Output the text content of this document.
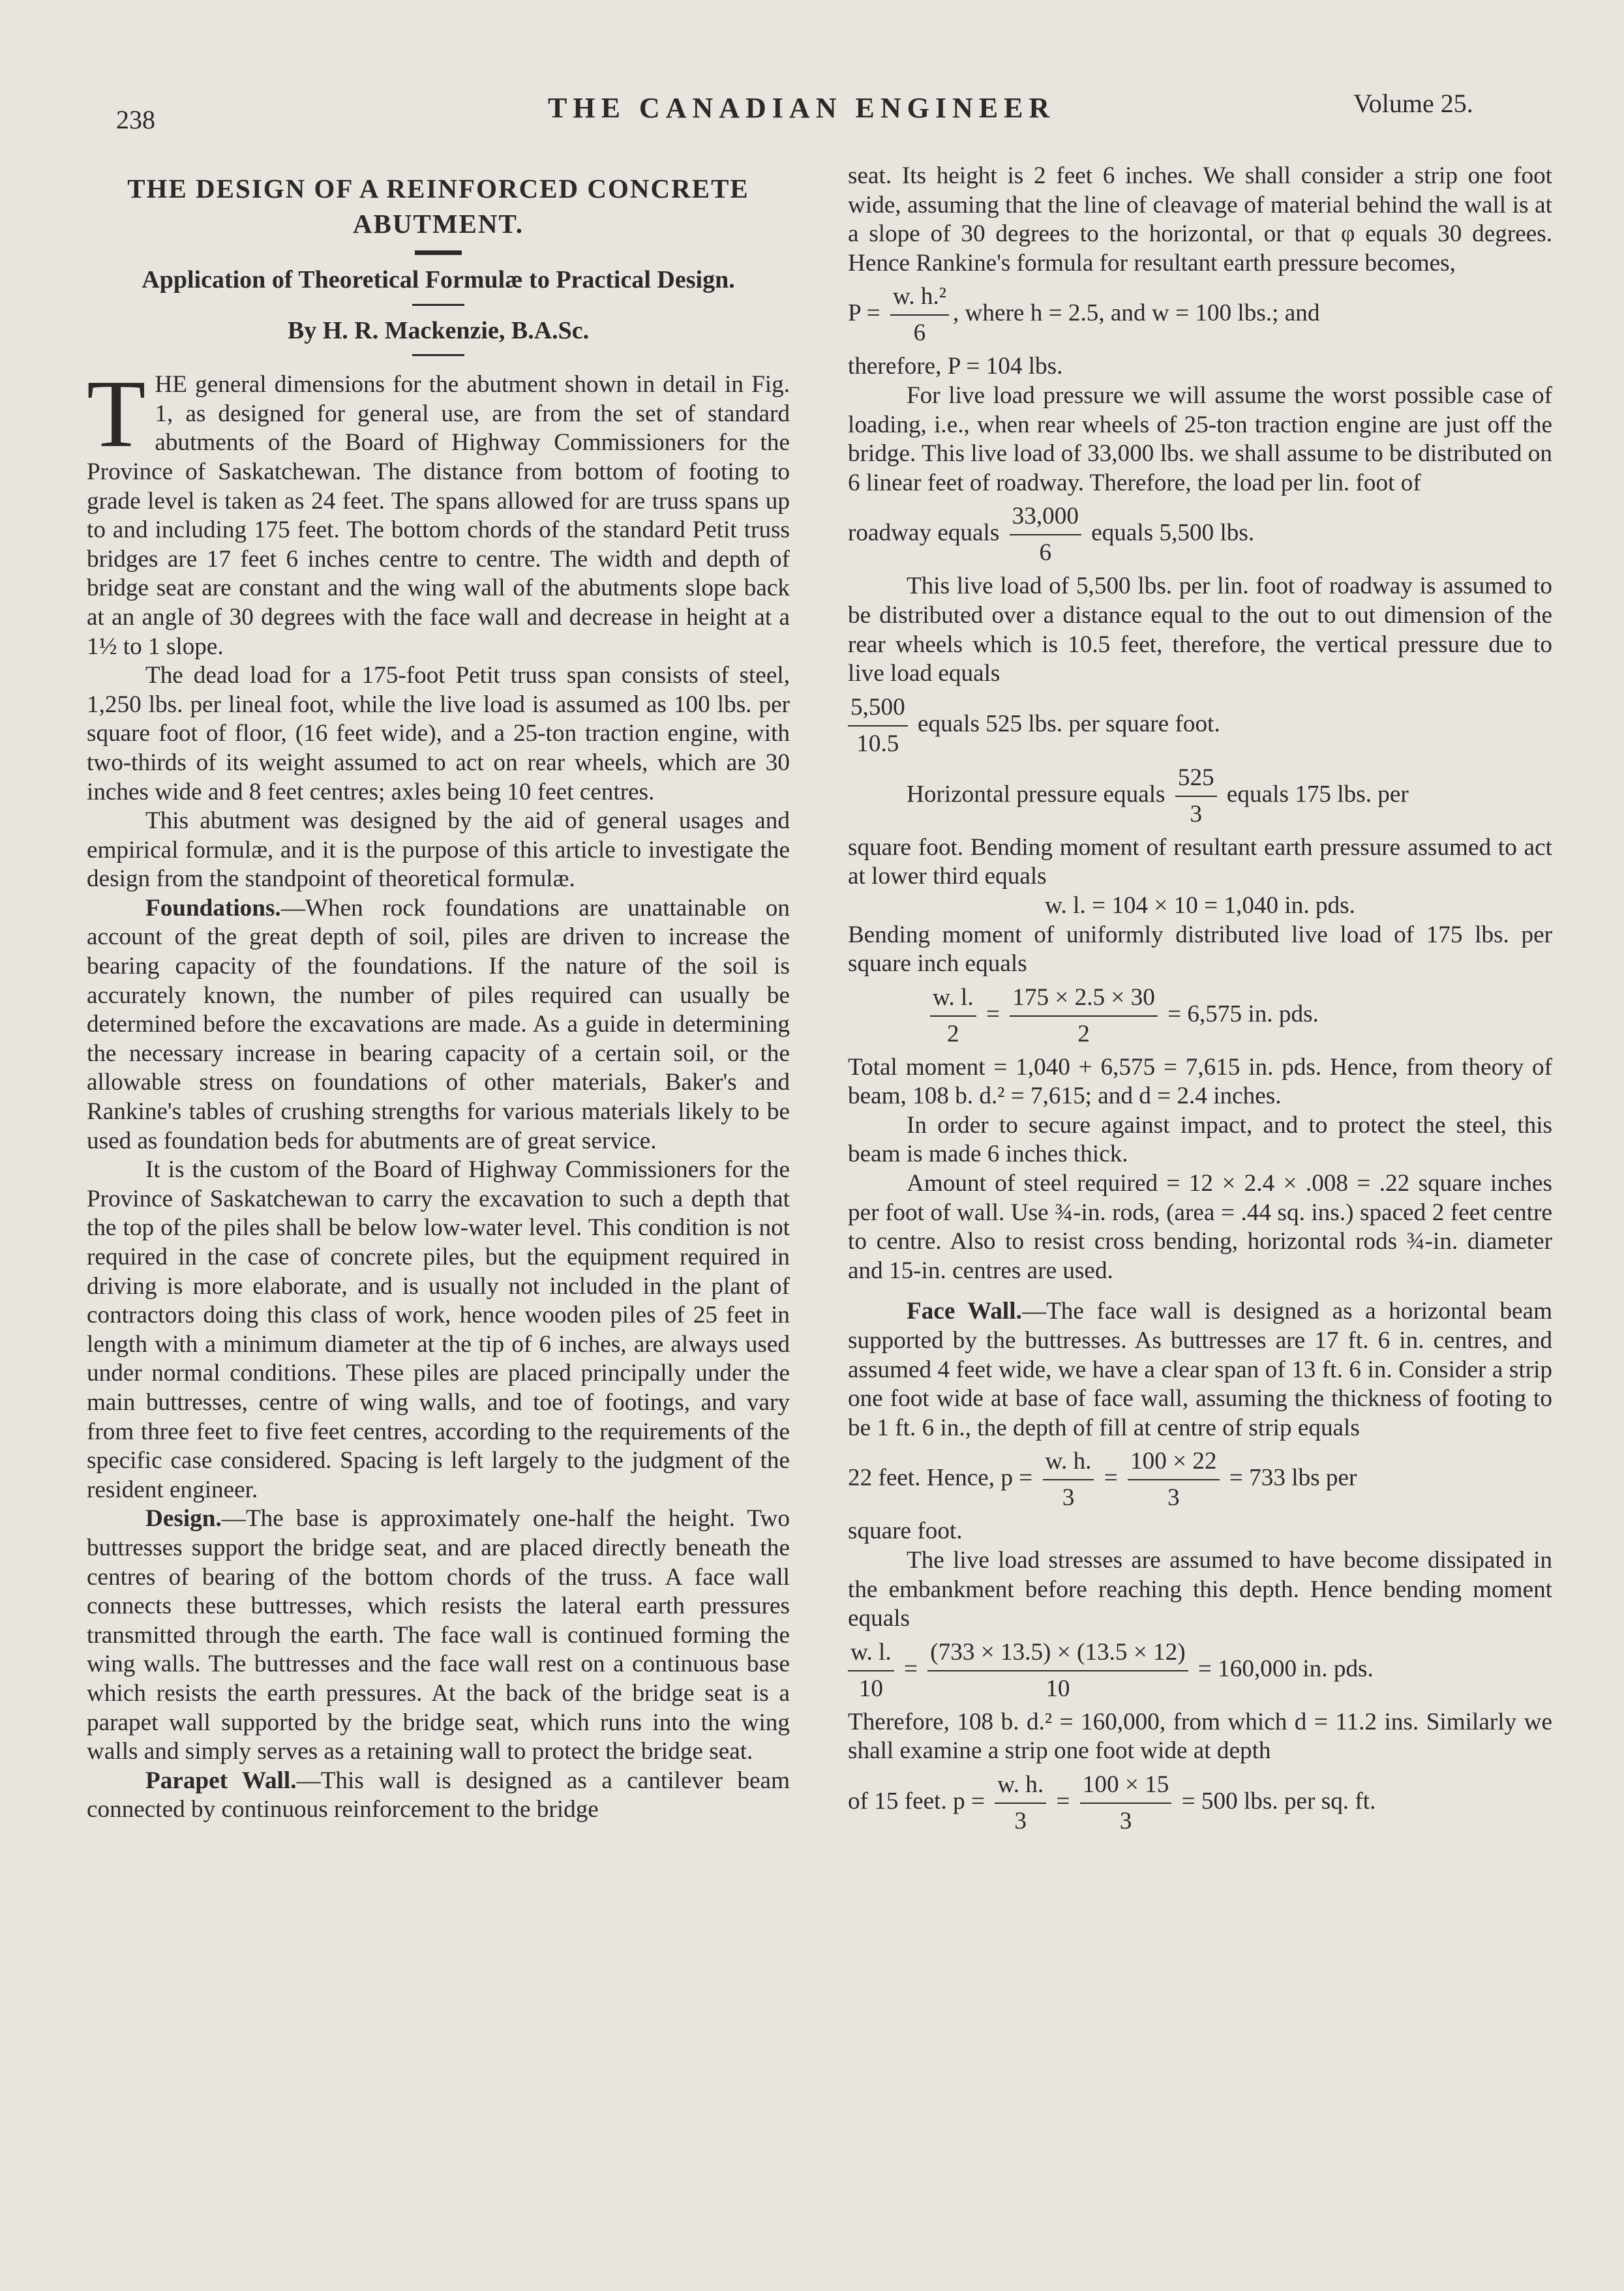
238	THE CANADIAN ENGINEER	Volume 25.
THE DESIGN OF A REINFORCED CONCRETE ABUTMENT.
Application of Theoretical Formulæ to Practical Design.
By H. R. Mackenzie, B.A.Sc.

THE general dimensions for the abutment shown in detail in Fig. 1, as designed for general use, are from the set of standard abutments of the Board of Highway Commissioners for the Province of Saskatchewan. The distance from bottom of footing to grade level is taken as 24 feet. The spans allowed for are truss spans up to and including 175 feet. The bottom chords of the standard Petit truss bridges are 17 feet 6 inches centre to centre. The width and depth of bridge seat are constant and the wing wall of the abutments slope back at an angle of 30 degrees with the face wall and decrease in height at a 1½ to 1 slope.

The dead load for a 175-foot Petit truss span consists of steel, 1,250 lbs. per lineal foot, while the live load is assumed as 100 lbs. per square foot of floor, (16 feet wide), and a 25-ton traction engine, with two-thirds of its weight assumed to act on rear wheels, which are 30 inches wide and 8 feet centres; axles being 10 feet centres.

This abutment was designed by the aid of general usages and empirical formulæ, and it is the purpose of this article to investigate the design from the standpoint of theoretical formulæ.

Foundations.—When rock foundations are unattainable on account of the great depth of soil, piles are driven to increase the bearing capacity of the foundations. If the nature of the soil is accurately known, the number of piles required can usually be determined before the excavations are made. As a guide in determining the necessary increase in bearing capacity of a certain soil, or the allowable stress on foundations of other materials, Baker's and Rankine's tables of crushing strengths for various materials likely to be used as foundation beds for abutments are of great service.

It is the custom of the Board of Highway Commissioners for the Province of Saskatchewan to carry the excavation to such a depth that the top of the piles shall be below low-water level. This condition is not required in the case of concrete piles, but the equipment required in driving is more elaborate, and is usually not included in the plant of contractors doing this class of work, hence wooden piles of 25 feet in length with a minimum diameter at the tip of 6 inches, are always used under normal conditions. These piles are placed principally under the main buttresses, centre of wing walls, and toe of footings, and vary from three feet to five feet centres, according to the requirements of the specific case considered. Spacing is left largely to the judgment of the resident engineer.

Design.—The base is approximately one-half the height. Two buttresses support the bridge seat, and are placed directly beneath the centres of bearing of the bottom chords of the truss. A face wall connects these buttresses, which resists the lateral earth pressures transmitted through the earth. The face wall is continued forming the wing walls. The buttresses and the face wall rest on a continuous base which resists the earth pressures. At the back of the bridge seat is a parapet wall supported by the bridge seat, which runs into the wing walls and simply serves as a retaining wall to protect the bridge seat.

Parapet Wall.—This wall is designed as a cantilever beam connected by continuous reinforcement to the bridge

seat. Its height is 2 feet 6 inches. We shall consider a strip one foot wide, assuming that the line of cleavage of material behind the wall is at a slope of 30 degrees to the horizontal, or that φ equals 30 degrees. Hence Rankine's formula for resultant earth pressure becomes,

$P = \frac{\text{w. h.²}}{6}$ , where h = 2.5, and w = 100 lbs.; and

therefore, P = 104 lbs.

For live load pressure we will assume the worst possible case of loading, i.e., when rear wheels of 25-ton traction engine are just off the bridge. This live load of 33,000 lbs. we shall assume to be distributed on 6 linear feet of roadway. Therefore, the load per lin. foot of

roadway equals $\frac{33,000}{6}$ equals 5,500 lbs.

This live load of 5,500 lbs. per lin. foot of roadway is assumed to be distributed over a distance equal to the out to out dimension of the rear wheels which is 10.5 feet, therefore, the vertical pressure due to live load equals

$\frac{5,500}{10.5}$ equals 525 lbs. per square foot.
Horizontal pressure equals $\frac{525}{3}$ equals 175 lbs. per

square foot. Bending moment of resultant earth pressure assumed to act at lower third equals

w. l. = 104 × 10 = 1,040 in. pds.

Bending moment of uniformly distributed live load of 175 lbs. per square inch equals

$\frac{w. l.}{2} = \frac{175 \times 2.5 \times 30}{2} = 6,575$ in. pds.

Total moment = 1,040 + 6,575 = 7,615 in. pds. Hence, from theory of beam, 108 b. d.² = 7,615; and d = 2.4 inches.

In order to secure against impact, and to protect the steel, this beam is made 6 inches thick.

Amount of steel required = 12 × 2.4 × .008 = .22 square inches per foot of wall. Use ¾-in. rods, (area = .44 sq. ins.) spaced 2 feet centre to centre. Also to resist cross bending, horizontal rods ¾-in. diameter and 15-in. centres are used.

Face Wall.—The face wall is designed as a horizontal beam supported by the buttresses. As buttresses are 17 ft. 6 in. centres, and assumed 4 feet wide, we have a clear span of 13 ft. 6 in. Consider a strip one foot wide at base of face wall, assuming the thickness of footing to be 1 ft. 6 in., the depth of fill at centre of strip equals

22 feet. Hence, $p = \frac{w. h.}{3} = \frac{100 \times 22}{3} = 733$ lbs per

square foot.

The live load stresses are assumed to have become dissipated in the embankment before reaching this depth. Hence bending moment equals

$\frac{w. l.}{10} = \frac{(733 \times 13.5) \times (13.5 \times 12)}{10} = 160,000$ in. pds.

Therefore, 108 b. d.² = 160,000, from which d = 11.2 ins. Similarly we shall examine a strip one foot wide at depth

of 15 feet. $p = \frac{w. h.}{3} = \frac{100 \times 15}{3} = 500$ lbs. per sq. ft.
